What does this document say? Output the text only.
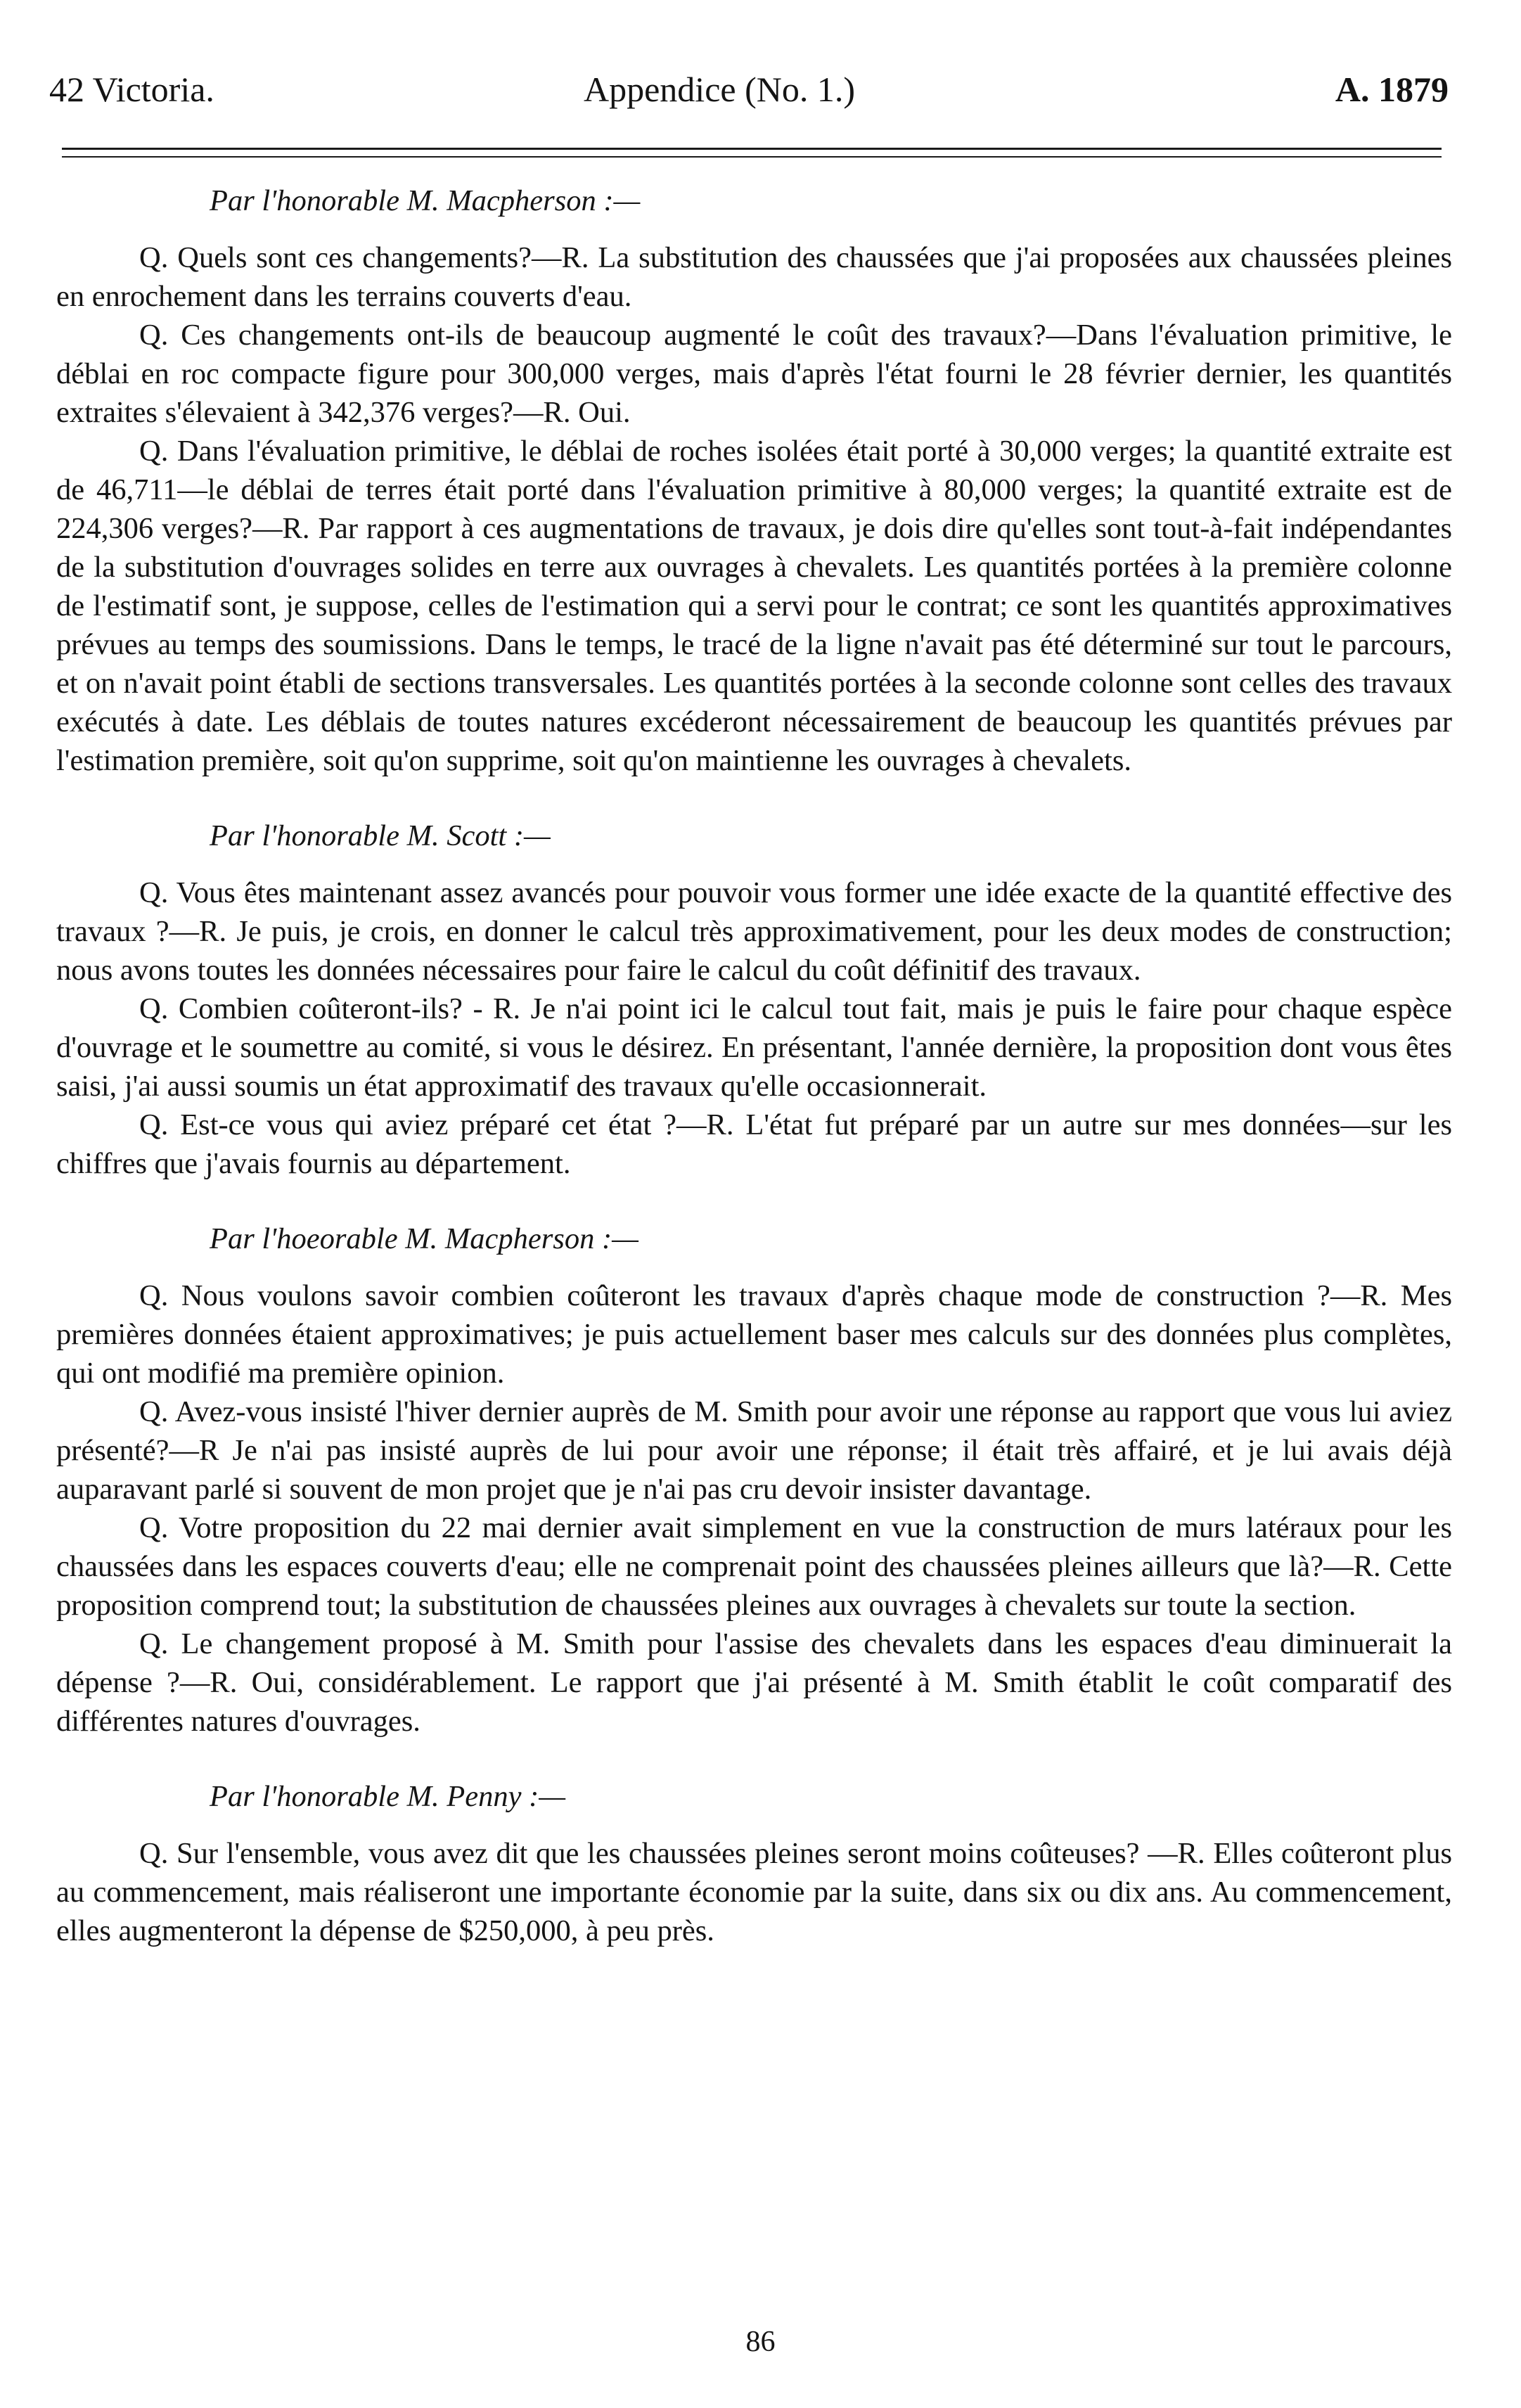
42 Victoria.	Appendice (No. 1.)	A. 1879

Par l'honorable M. Macpherson :—

Q. Quels sont ces changements?—R. La substitution des chaussées que j'ai proposées aux chaussées pleines en enrochement dans les terrains couverts d'eau.

Q. Ces changements ont-ils de beaucoup augmenté le coût des travaux?—Dans l'évaluation primitive, le déblai en roc compacte figure pour 300,000 verges, mais d'après l'état fourni le 28 février dernier, les quantités extraites s'élevaient à 342,376 verges?—R. Oui.

Q. Dans l'évaluation primitive, le déblai de roches isolées était porté à 30,000 verges; la quantité extraite est de 46,711—le déblai de terres était porté dans l'évaluation primitive à 80,000 verges; la quantité extraite est de 224,306 verges?—R. Par rapport à ces augmentations de travaux, je dois dire qu'elles sont tout-à-fait indépendantes de la substitution d'ouvrages solides en terre aux ouvrages à chevalets. Les quantités portées à la première colonne de l'estimatif sont, je suppose, celles de l'estimation qui a servi pour le contrat; ce sont les quantités approximatives prévues au temps des soumissions. Dans le temps, le tracé de la ligne n'avait pas été déterminé sur tout le parcours, et on n'avait point établi de sections transversales. Les quantités portées à la seconde colonne sont celles des travaux exécutés à date. Les déblais de toutes natures excéderont nécessairement de beaucoup les quantités prévues par l'estimation première, soit qu'on supprime, soit qu'on maintienne les ouvrages à chevalets.

Par l'honorable M. Scott :—

Q. Vous êtes maintenant assez avancés pour pouvoir vous former une idée exacte de la quantité effective des travaux ?—R. Je puis, je crois, en donner le calcul très approximativement, pour les deux modes de construction; nous avons toutes les données nécessaires pour faire le calcul du coût définitif des travaux.

Q. Combien coûteront-ils? - R. Je n'ai point ici le calcul tout fait, mais je puis le faire pour chaque espèce d'ouvrage et le soumettre au comité, si vous le désirez. En présentant, l'année dernière, la proposition dont vous êtes saisi, j'ai aussi soumis un état approximatif des travaux qu'elle occasionnerait.

Q. Est-ce vous qui aviez préparé cet état ?—R. L'état fut préparé par un autre sur mes données—sur les chiffres que j'avais fournis au département.

Par l'hoeorable M. Macpherson :—

Q. Nous voulons savoir combien coûteront les travaux d'après chaque mode de construction ?—R. Mes premières données étaient approximatives; je puis actuellement baser mes calculs sur des données plus complètes, qui ont modifié ma première opinion.

Q. Avez-vous insisté l'hiver dernier auprès de M. Smith pour avoir une réponse au rapport que vous lui aviez présenté?—R Je n'ai pas insisté auprès de lui pour avoir une réponse; il était très affairé, et je lui avais déjà auparavant parlé si souvent de mon projet que je n'ai pas cru devoir insister davantage.

Q. Votre proposition du 22 mai dernier avait simplement en vue la construction de murs latéraux pour les chaussées dans les espaces couverts d'eau; elle ne comprenait point des chaussées pleines ailleurs que là?—R. Cette proposition comprend tout; la substitution de chaussées pleines aux ouvrages à chevalets sur toute la section.

Q. Le changement proposé à M. Smith pour l'assise des chevalets dans les espaces d'eau diminuerait la dépense ?—R. Oui, considérablement. Le rapport que j'ai présenté à M. Smith établit le coût comparatif des différentes natures d'ouvrages.

Par l'honorable M. Penny :—

Q. Sur l'ensemble, vous avez dit que les chaussées pleines seront moins coûteuses? —R. Elles coûteront plus au commencement, mais réaliseront une importante économie par la suite, dans six ou dix ans. Au commencement, elles augmenteront la dépense de $250,000, à peu près.

86
